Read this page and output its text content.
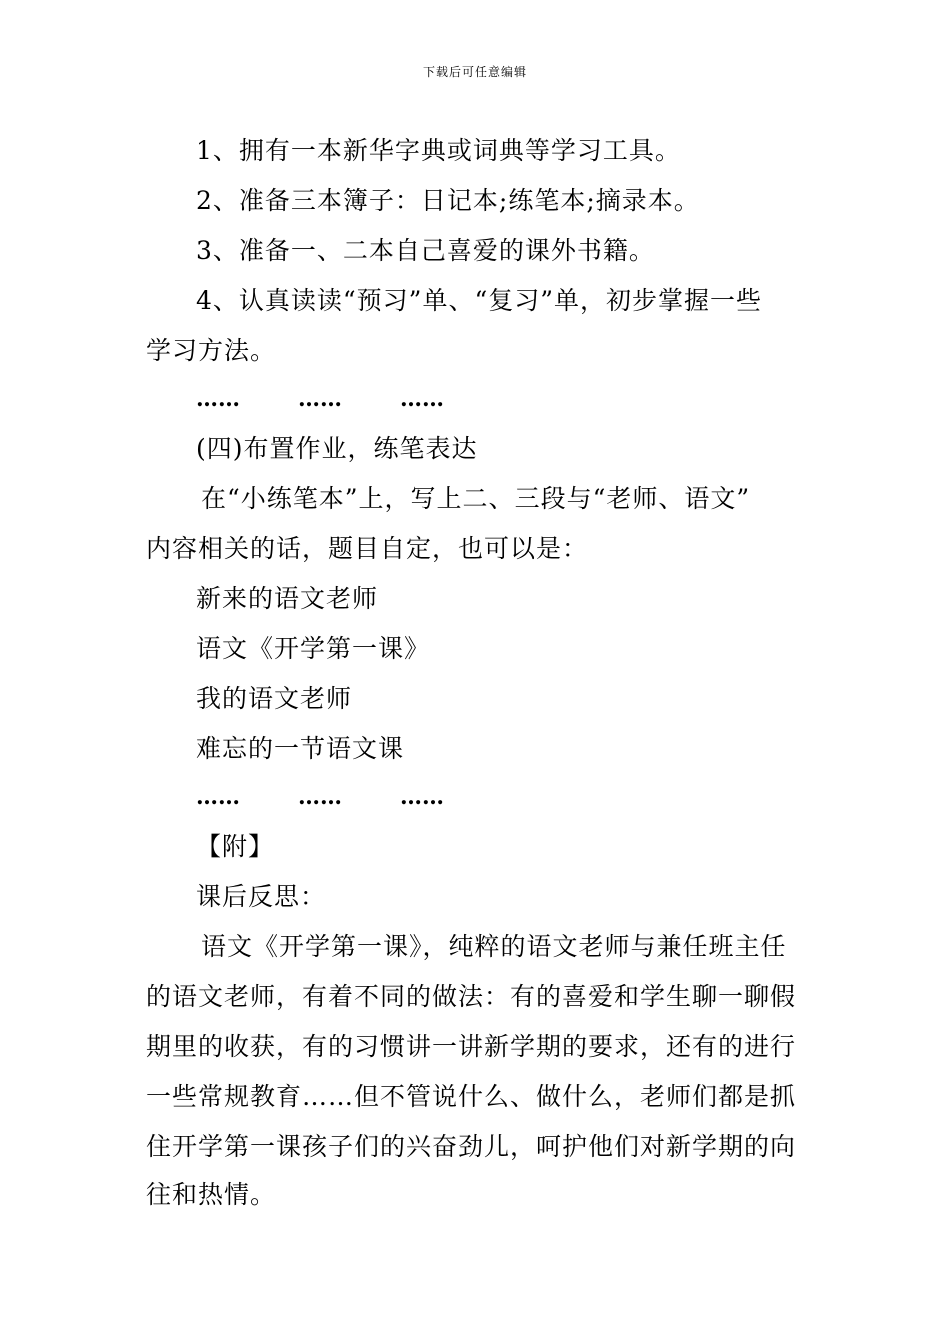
下载后可任意编辑
1、拥有一本新华字典或词典等学习工具。
2、准备三本簿子：日记本;练笔本;摘录本。
3、准备一、二本自己喜爱的课外书籍。
4、认真读读“预习”单、“复习”单，初步掌握一些
学习方法。
……	……	……
(四)布置作业，练笔表达
在“小练笔本”上，写上二、三段与“老师、语文”
内容相关的话，题目自定，也可以是：
新来的语文老师
语文《开学第一课》
我的语文老师
难忘的一节语文课
……	……	……
【附】
课后反思：
语文《开学第一课》，纯粹的语文老师与兼任班主任
的语文老师，有着不同的做法：有的喜爱和学生聊一聊假
期里的收获，有的习惯讲一讲新学期的要求，还有的进行
一些常规教育……但不管说什么、做什么，老师们都是抓
住开学第一课孩子们的兴奋劲儿，呵护他们对新学期的向
往和热情。
